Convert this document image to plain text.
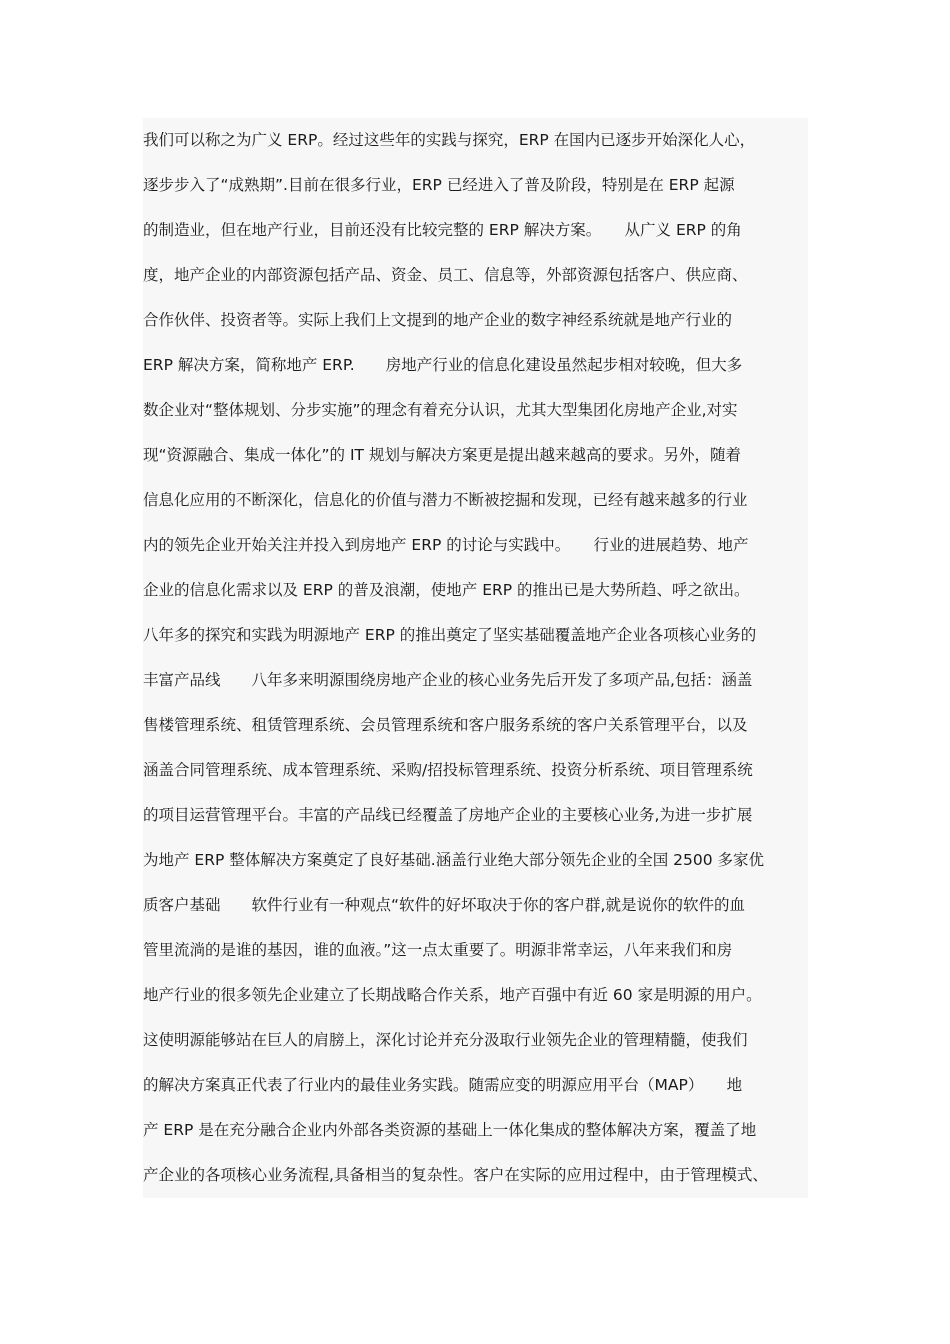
我们可以称之为广义 ERP。经过这些年的实践与探究，ERP 在国内已逐步开始深化人心，
逐步步入了“成熟期”.目前在很多行业，ERP 已经进入了普及阶段，特别是在 ERP 起源
的制造业，但在地产行业，目前还没有比较完整的 ERP 解决方案。　　从广义 ERP 的角
度，地产企业的内部资源包括产品、资金、员工、信息等，外部资源包括客户、供应商、
合作伙伴、投资者等。实际上我们上文提到的地产企业的数字神经系统就是地产行业的
ERP 解决方案，简称地产 ERP.　　房地产行业的信息化建设虽然起步相对较晚，但大多
数企业对“整体规划、分步实施”的理念有着充分认识，尤其大型集团化房地产企业,对实
现“资源融合、集成一体化”的 IT 规划与解决方案更是提出越来越高的要求。另外，随着
信息化应用的不断深化，信息化的价值与潜力不断被挖掘和发现，已经有越来越多的行业
内的领先企业开始关注并投入到房地产 ERP 的讨论与实践中。　　行业的进展趋势、地产
企业的信息化需求以及 ERP 的普及浪潮，使地产 ERP 的推出已是大势所趋、呼之欲出。
八年多的探究和实践为明源地产 ERP 的推出奠定了坚实基础覆盖地产企业各项核心业务的
丰富产品线　　八年多来明源围绕房地产企业的核心业务先后开发了多项产品,包括：涵盖
售楼管理系统、租赁管理系统、会员管理系统和客户服务系统的客户关系管理平台，以及
涵盖合同管理系统、成本管理系统、采购/招投标管理系统、投资分析系统、项目管理系统
的项目运营管理平台。丰富的产品线已经覆盖了房地产企业的主要核心业务,为进一步扩展
为地产 ERP 整体解决方案奠定了良好基础.涵盖行业绝大部分领先企业的全国 2500 多家优
质客户基础　　软件行业有一种观点“软件的好坏取决于你的客户群,就是说你的软件的血
管里流淌的是谁的基因，谁的血液。”这一点太重要了。明源非常幸运，八年来我们和房
地产行业的很多领先企业建立了长期战略合作关系，地产百强中有近 60 家是明源的用户。
这使明源能够站在巨人的肩膀上，深化讨论并充分汲取行业领先企业的管理精髓，使我们
的解决方案真正代表了行业内的最佳业务实践。随需应变的明源应用平台（MAP）　　地
产 ERP 是在充分融合企业内外部各类资源的基础上一体化集成的整体解决方案，覆盖了地
产企业的各项核心业务流程,具备相当的复杂性。客户在实际的应用过程中，由于管理模式、
